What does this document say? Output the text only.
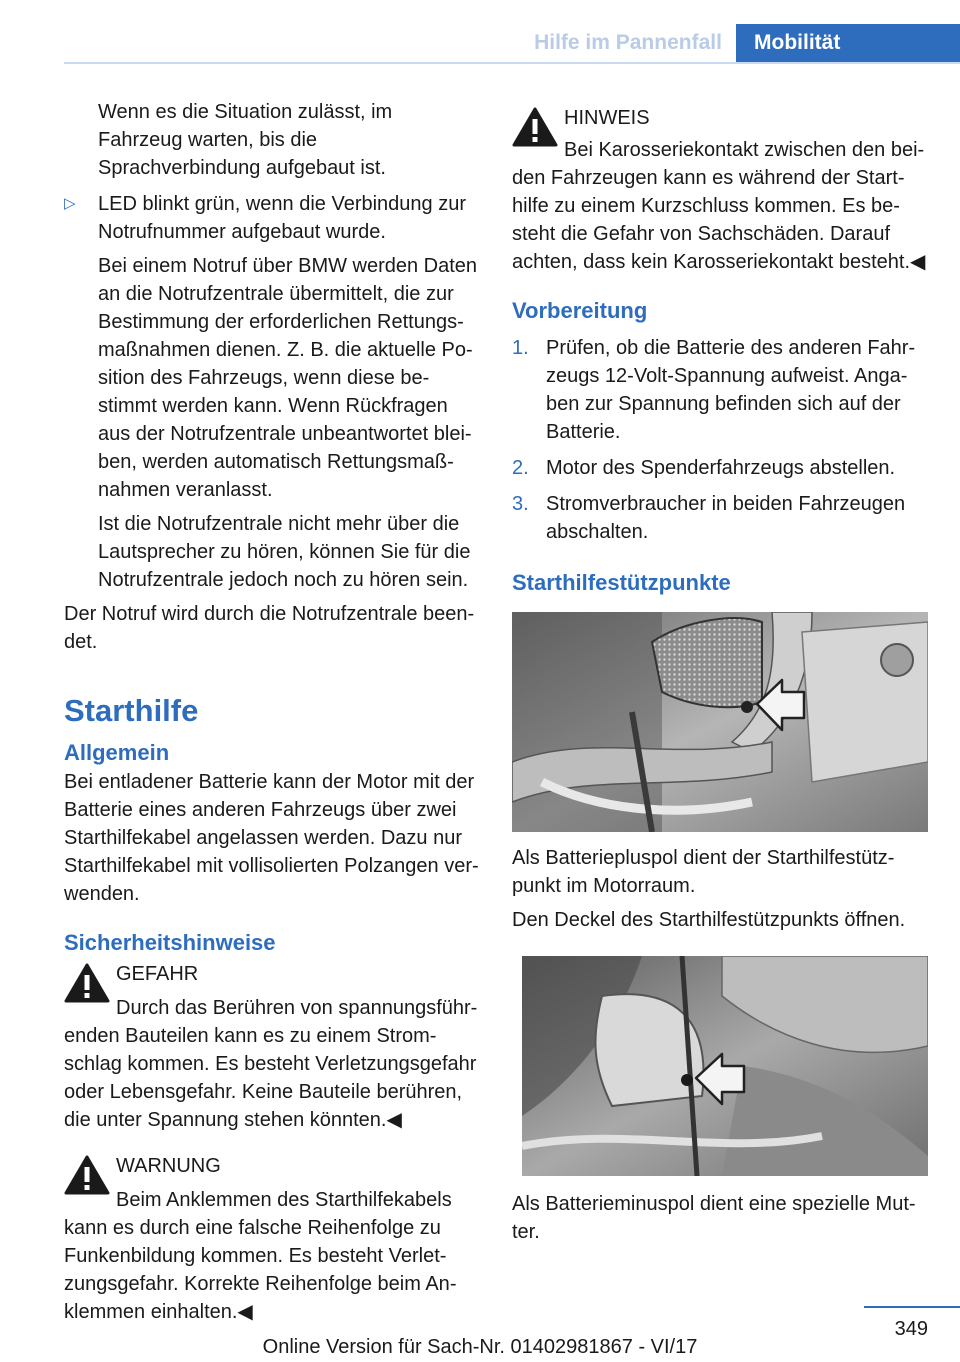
Hilfe im Pannenfall	Mobilität

Wenn es die Situation zulässt, im Fahrzeug warten, bis die Sprachverbindung aufgebaut ist.

▷ LED blinkt grün, wenn die Verbindung zur Notrufnummer aufgebaut wurde.

Bei einem Notruf über BMW werden Daten an die Notrufzentrale übermittelt, die zur Bestimmung der erforderlichen Rettungsmaßnahmen dienen. Z. B. die aktuelle Position des Fahrzeugs, wenn diese bestimmt werden kann. Wenn Rückfragen aus der Notrufzentrale unbeantwortet bleiben, werden automatisch Rettungsmaßnahmen veranlasst.

Ist die Notrufzentrale nicht mehr über die Lautsprecher zu hören, können Sie für die Notrufzentrale jedoch noch zu hören sein.

Der Notruf wird durch die Notrufzentrale beendet.

Starthilfe
Allgemein

Bei entladener Batterie kann der Motor mit der Batterie eines anderen Fahrzeugs über zwei Starthilfekabel angelassen werden. Dazu nur Starthilfekabel mit vollisolierten Polzangen verwenden.

Sicherheitshinweise

GEFAHR

Durch das Berühren von spannungsführenden Bauteilen kann es zu einem Stromschlag kommen. Es besteht Verletzungsgefahr oder Lebensgefahr. Keine Bauteile berühren, die unter Spannung stehen könnten.◀

WARNUNG

Beim Anklemmen des Starthilfekabels kann es durch eine falsche Reihenfolge zu Funkenbildung kommen. Es besteht Verletzungsgefahr. Korrekte Reihenfolge beim Anklemmen einhalten.◀

HINWEIS

Bei Karosseriekontakt zwischen den beiden Fahrzeugen kann es während der Starthilfe zu einem Kurzschluss kommen. Es besteht die Gefahr von Sachschäden. Darauf achten, dass kein Karosseriekontakt besteht.◀

Vorbereitung
1. Prüfen, ob die Batterie des anderen Fahrzeugs 12-Volt-Spannung aufweist. Angaben zur Spannung befinden sich auf der Batterie.
2. Motor des Spenderfahrzeugs abstellen.
3. Stromverbraucher in beiden Fahrzeugen abschalten.
Starthilfestützpunkte

Als Batteriepluspol dient der Starthilfestützpunkt im Motorraum.

Den Deckel des Starthilfestützpunkts öffnen.

Als Batterieminuspol dient eine spezielle Mutter.

349
Online Version für Sach-Nr. 01402981867 - VI/17
